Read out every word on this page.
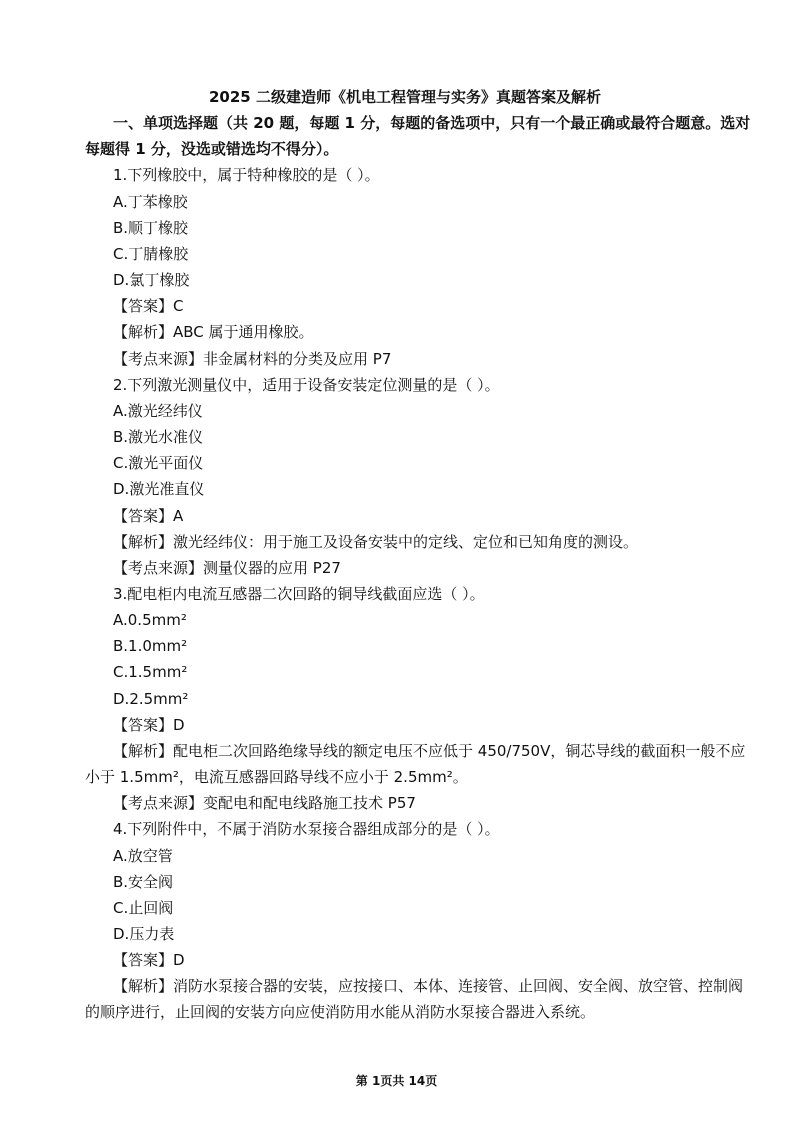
2025 二级建造师《机电工程管理与实务》真题答案及解析
一、单项选择题（共 20 题，每题 1 分，每题的备选项中，只有一个最正确或最符合题意。选对
每题得 1 分，没选或错选均不得分）。
1.下列橡胶中，属于特种橡胶的是（ ）。
A.丁苯橡胶
B.顺丁橡胶
C.丁腈橡胶
D.氯丁橡胶
【答案】C
【解析】ABC 属于通用橡胶。
【考点来源】非金属材料的分类及应用 P7
2.下列激光测量仪中，适用于设备安装定位测量的是（ ）。
A.激光经纬仪
B.激光水准仪
C.激光平面仪
D.激光准直仪
【答案】A
【解析】激光经纬仪：用于施工及设备安装中的定线、定位和已知角度的测设。
【考点来源】测量仪器的应用 P27
3.配电柜内电流互感器二次回路的铜导线截面应选（ ）。
A.0.5mm²
B.1.0mm²
C.1.5mm²
D.2.5mm²
【答案】D
【解析】配电柜二次回路绝缘导线的额定电压不应低于 450/750V，铜芯导线的截面积一般不应
小于 1.5mm²，电流互感器回路导线不应小于 2.5mm²。
【考点来源】变配电和配电线路施工技术 P57
4.下列附件中，不属于消防水泵接合器组成部分的是（ ）。
A.放空管
B.安全阀
C.止回阀
D.压力表
【答案】D
【解析】消防水泵接合器的安装，应按接口、本体、连接管、止回阀、安全阀、放空管、控制阀
的顺序进行，止回阀的安装方向应使消防用水能从消防水泵接合器进入系统。
第 1页共 14页
